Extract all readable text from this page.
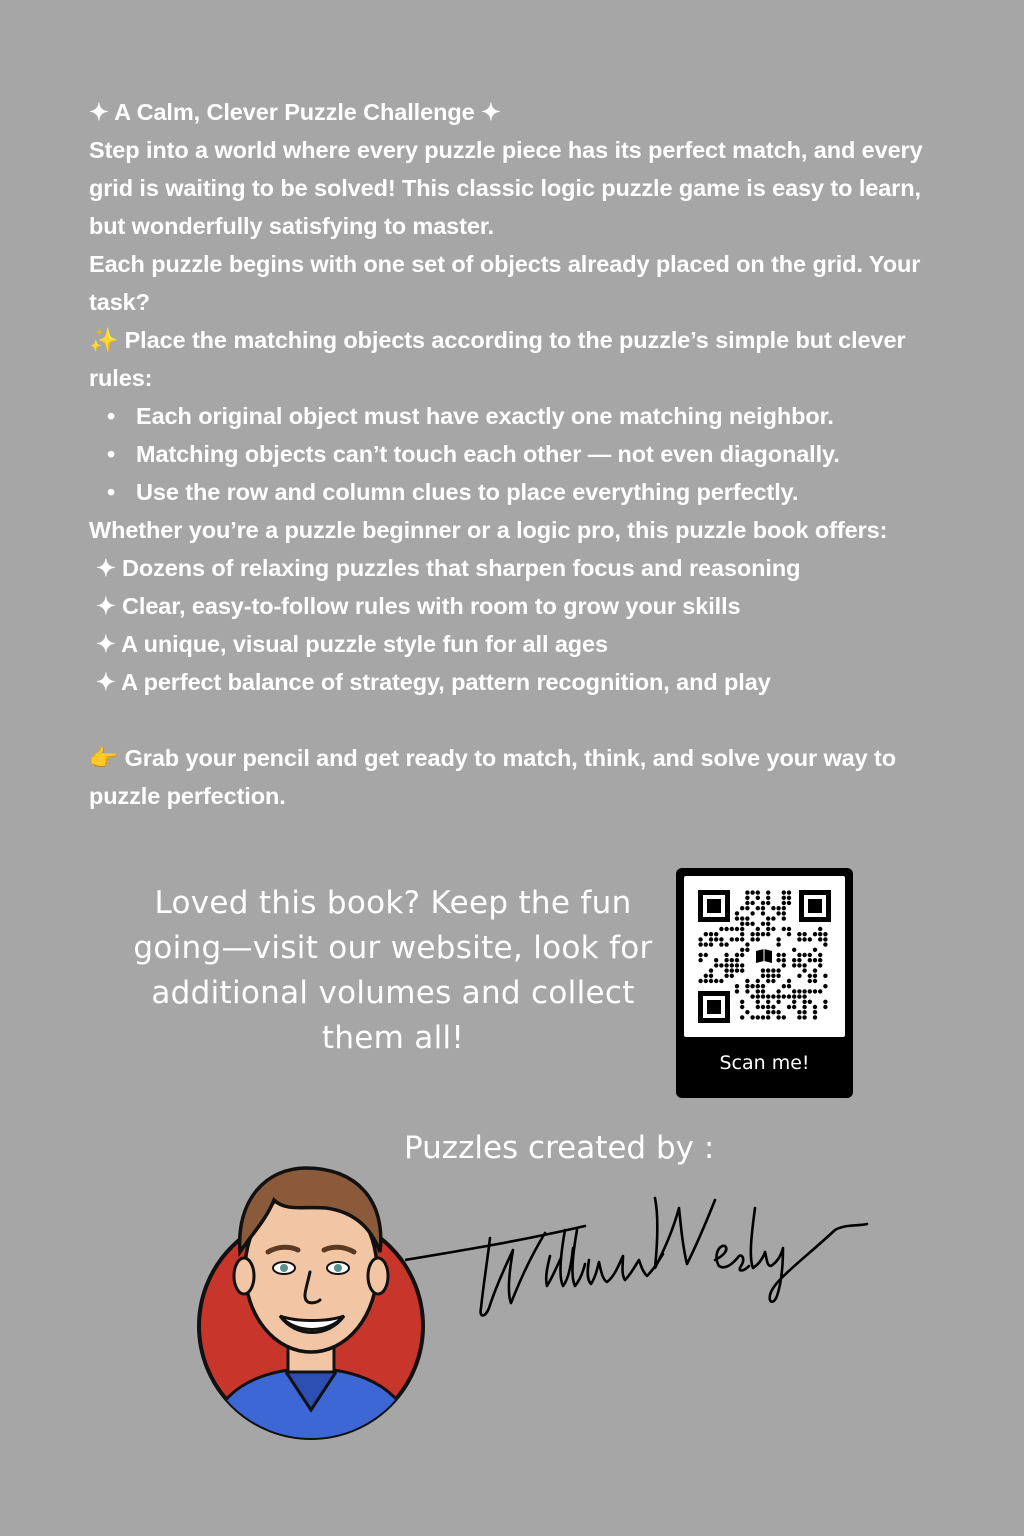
✦ A Calm, Clever Puzzle Challenge ✦

Step into a world where every puzzle piece has its perfect match, and every grid is waiting to be solved! This classic logic puzzle game is easy to learn, but wonderfully satisfying to master.

Each puzzle begins with one set of objects already placed on the grid. Your task?

✨ Place the matching objects according to the puzzle’s simple but clever rules:

• Each original object must have exactly one matching neighbor.
• Matching objects can’t touch each other — not even diagonally.
• Use the row and column clues to place everything perfectly.

Whether you’re a puzzle beginner or a logic pro, this puzzle book offers:

✦ Dozens of relaxing puzzles that sharpen focus and reasoning
✦ Clear, easy-to-follow rules with room to grow your skills
✦ A unique, visual puzzle style fun for all ages
✦ A perfect balance of strategy, pattern recognition, and play

👉 Grab your pencil and get ready to match, think, and solve your way to puzzle perfection.

Loved this book? Keep the fun going—visit our website, look for additional volumes and collect them all!
Scan me!
Puzzles created by :
